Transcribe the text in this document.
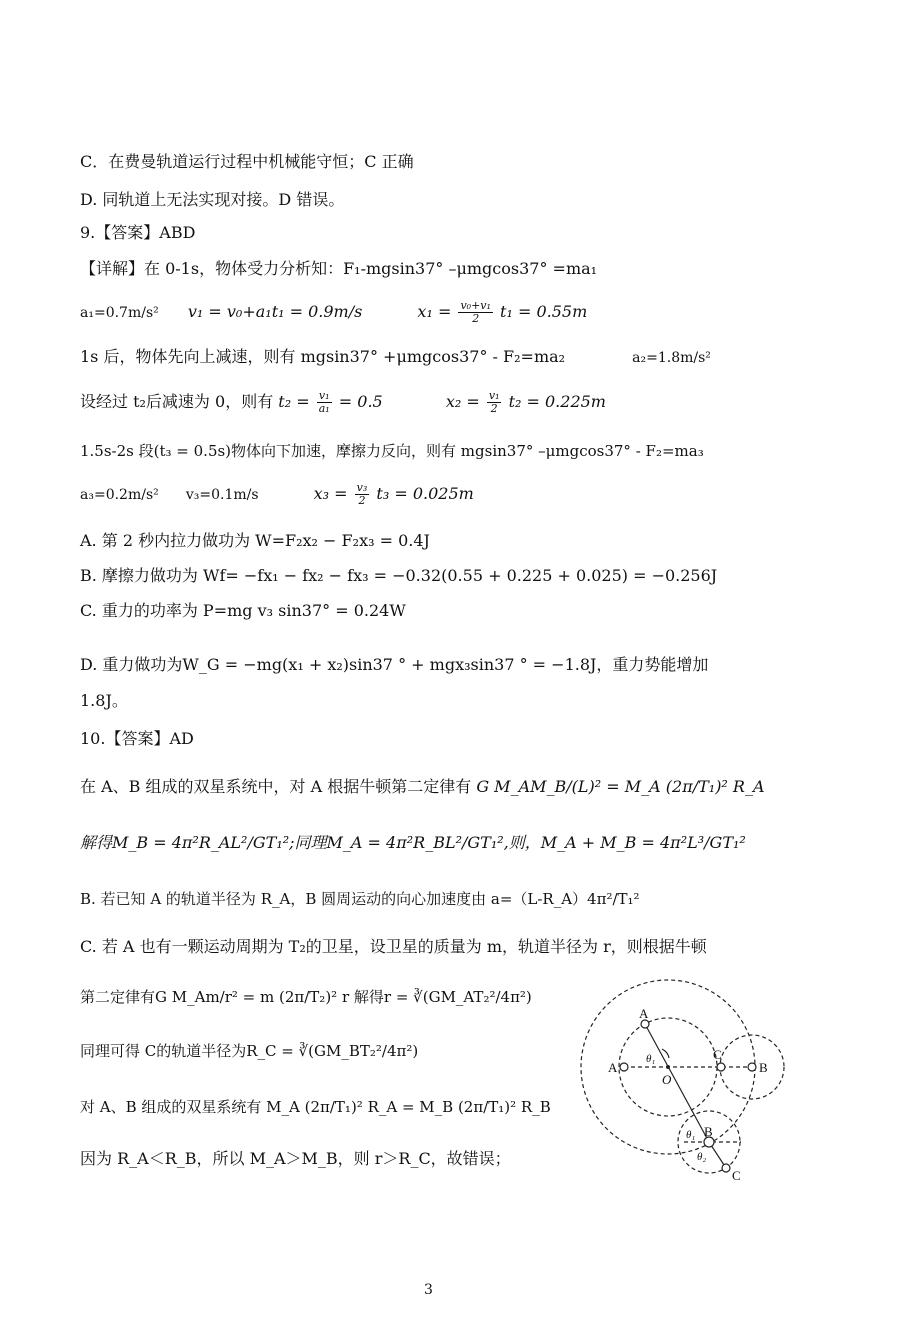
C．在费曼轨道运行过程中机械能守恒；C 正确
D. 同轨道上无法实现对接。D 错误。
9.【答案】ABD
【详解】在 0-1s，物体受力分析知：F₁-mgsin37° –μmgcos37° =ma₁
a₁=0.7m/s² v₁ = v₀+a₁t₁ = 0.9m/s	$x_1 = \frac{\text{v₀+v₁}}{2} t_1 = 0.55m$
1s 后，物体先向上减速，则有 mgsin37° +μmgcos37° - F₂=ma₂	a₂=1.8m/s²
设经过 t₂后减速为 0，则有 $t_2 = \frac{\text{v₁}}{\text{a₁}} = 0.5$	$x_2 = \frac{\text{v₁}}{2} t_2 = 0.225m$
1.5s-2s 段(t₃ = 0.5s)物体向下加速，摩擦力反向，则有 mgsin37° –μmgcos37° - F₂=ma₃
a₃=0.2m/s² v₃=0.1m/s	$x_3 = \frac{\text{v₃}}{2} t_3 = 0.025m$
A. 第 2 秒内拉力做功为 W=F₂x₂ − F₂x₃ = 0.4J
B. 摩擦力做功为 Wf= −fx₁ − fx₂ − fx₃ = −0.32(0.55 + 0.225 + 0.025) = −0.256J
C. 重力的功率为 P=mg v₃ sin37° = 0.24W
D. 重力做功为W_G = −mg(x₁ + x₂)sin37 ° + mgx₃sin37 ° = −1.8J，重力势能增加
1.8J。
10.【答案】AD
在 A、B 组成的双星系统中，对 A 根据牛顿第二定律有 G M_AM_B/(L)² = M_A (2π/T₁)² R_A
解得M_B = 4π²R_AL²/GT₁²;同理M_A = 4π²R_BL²/GT₁²,则，M_A + M_B = 4π²L³/GT₁²
B. 若已知 A 的轨道半径为 R_A，B 圆周运动的向心加速度由 a=（L-R_A）4π²/T₁²
C. 若 A 也有一颗运动周期为 T₂的卫星，设卫星的质量为 m，轨道半径为 r，则根据牛顿
第二定律有G M_Am/r² = m (2π/T₂)² r 解得r = ∛(GM_AT₂²/4π²)
同理可得 C的轨道半径为R_C = ∛(GM_BT₂²/4π²)
对 A、B 组成的双星系统有 M_A (2π/T₁)² R_A = M_B (2π/T₁)² R_B
因为 R_A＜R_B，所以 M_A＞M_B，则 r＞R_C，故错误；
A
A
O
C
B
B
C
θ₁
θ₁
θ₂
3
